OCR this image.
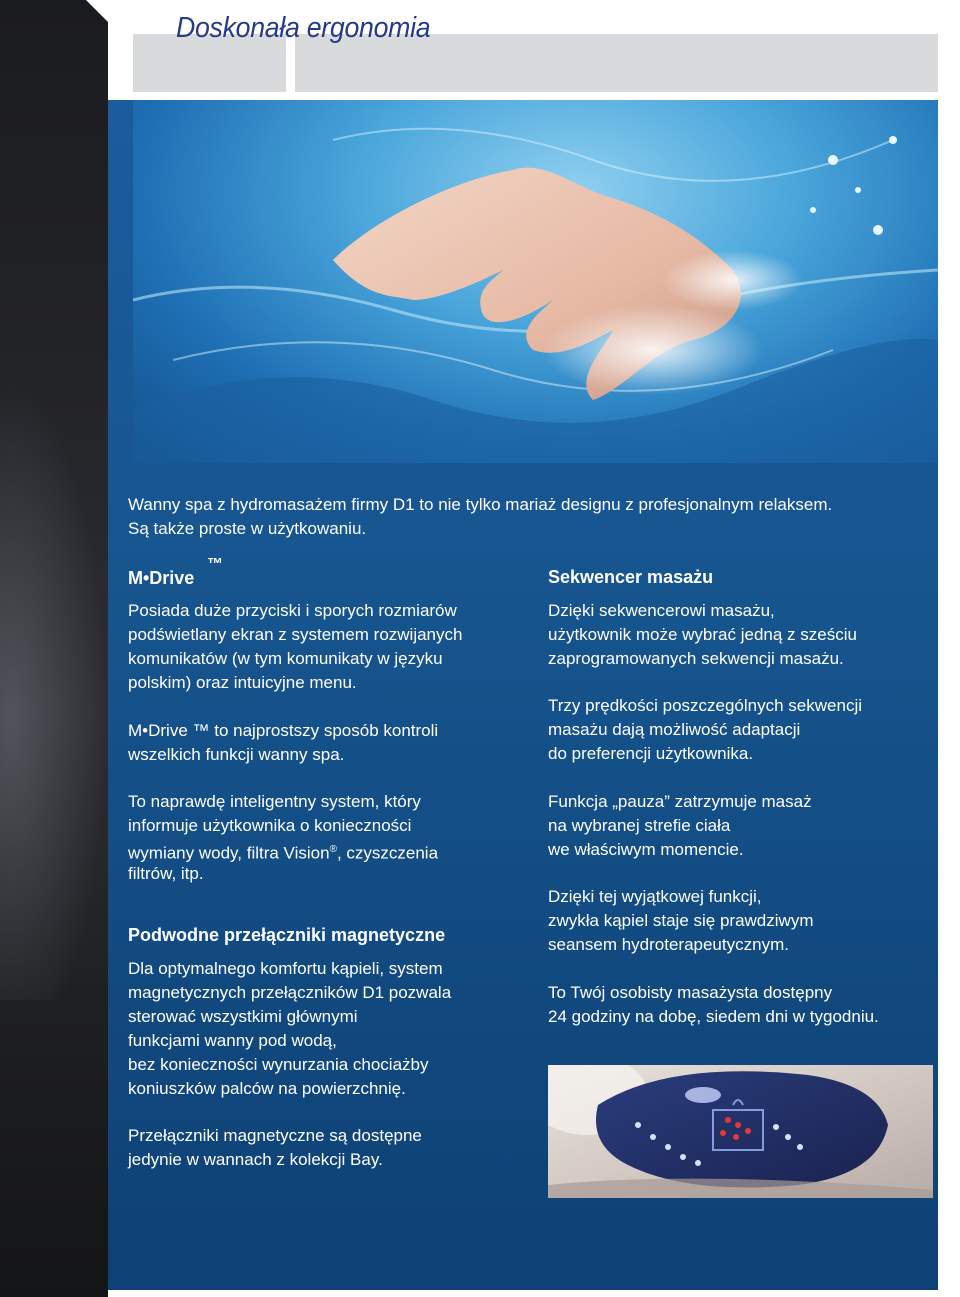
Doskonała ergonomia
Wanny spa z hydromasażem firmy D1 to nie tylko mariaż designu z profesjonalnym relaksem.
Są także proste w użytkowaniu.
M•Drive
™
Posiada duże przyciski i sporych rozmiarów
podświetlany ekran z systemem rozwijanych
komunikatów (w tym komunikaty w języku
polskim) oraz intuicyjne menu.
M•Drive ™ to najprostszy sposób kontroli
wszelkich funkcji wanny spa.
To naprawdę inteligentny system, który
informuje użytkownika o konieczności
wymiany wody, filtra Vision®, czyszczenia
filtrów, itp.
Podwodne przełączniki magnetyczne
Dla optymalnego komfortu kąpieli, system
magnetycznych przełączników D1 pozwala
sterować wszystkimi głównymi
funkcjami wanny pod wodą,
bez konieczności wynurzania chociażby
koniuszków palców na powierzchnię.
Przełączniki magnetyczne są dostępne
jedynie w wannach z kolekcji Bay.
Sekwencer masażu
Dzięki sekwencerowi masażu,
użytkownik może wybrać jedną z sześciu
zaprogramowanych sekwencji masażu.
Trzy prędkości poszczególnych sekwencji
masażu dają możliwość adaptacji
do preferencji użytkownika.
Funkcja „pauza” zatrzymuje masaż
na wybranej strefie ciała
we właściwym momencie.
Dzięki tej wyjątkowej funkcji,
zwykła kąpiel staje się prawdziwym
seansem hydroterapeutycznym.
To Twój osobisty masażysta dostępny
24 godziny na dobę, siedem dni w tygodniu.
